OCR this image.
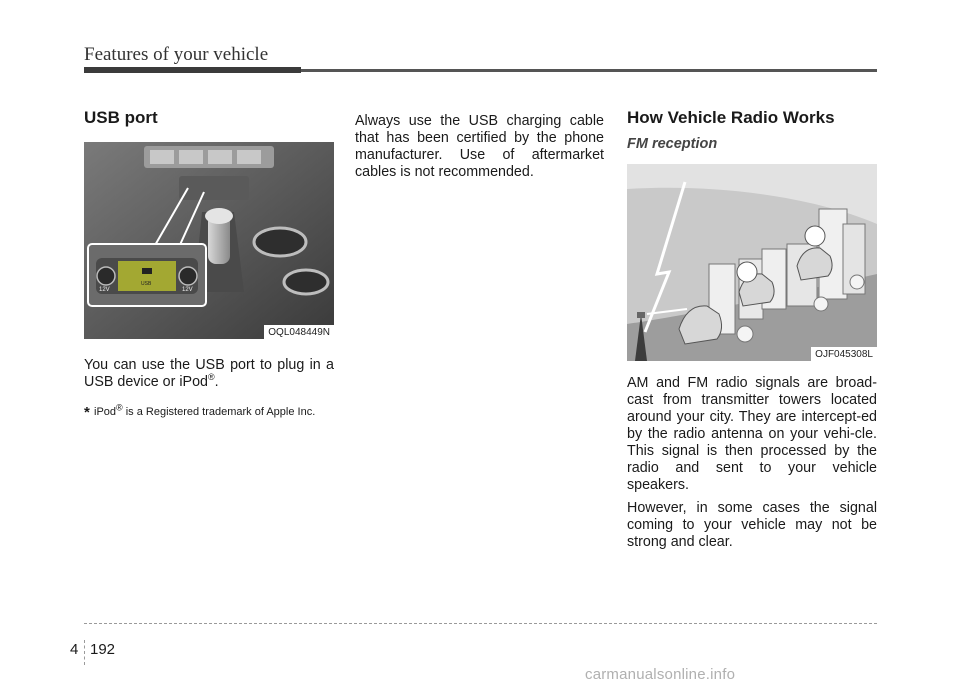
Features of your vehicle
USB port
12V
USB
12V
OQL048449N

You can use the USB port to plug in a USB device or iPod®.

* iPod® is a Registered trademark of Apple Inc.

Always use the USB charging cable that has been certified by the phone manufacturer. Use of aftermarket cables is not recommended.

How Vehicle Radio Works
FM reception
OJF045308L

AM and FM radio signals are broad-cast from transmitter towers located around your city. They are intercept-ed by the radio antenna on your vehi-cle. This signal is then processed by the radio and sent to your vehicle speakers.

However, in some cases the signal coming to your vehicle may not be strong and clear.

4 192
carmanualsonline.info
